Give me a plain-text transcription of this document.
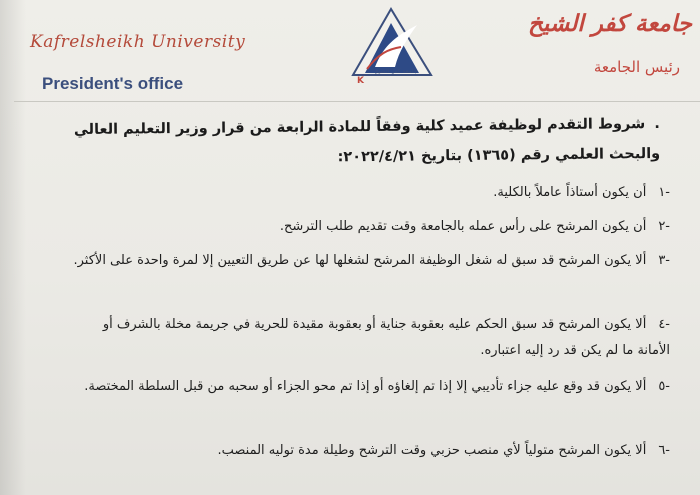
Kafrelsheikh University
President's office
جامعة كفر الشيخ
رئيس الجامعة
K
جامعة كفر الشيخ
. شروط التقدم لوظيفة عميد كلية وفقاً للمادة الرابعة من قرار وزير التعليم العالي والبحث العلمي رقم (١٣٦٥) بتاريخ ٢٠٢٢/٤/٢١:
-١أن يكون أستاذاً عاملاً بالكلية.
-٢أن يكون المرشح على رأس عمله بالجامعة وقت تقديم طلب الترشح.
-٣ألا يكون المرشح قد سبق له شغل الوظيفة المرشح لشغلها لها عن طريق التعيين إلا لمرة واحدة على الأكثر.
-٤ألا يكون المرشح قد سبق الحكم عليه بعقوبة جناية أو بعقوبة مقيدة للحرية في جريمة مخلة بالشرف أو الأمانة ما لم يكن قد رد إليه اعتباره.
-٥ألا يكون قد وقع عليه جزاء تأديبي إلا إذا تم إلغاؤه أو إذا تم محو الجزاء أو سحبه من قبل السلطة المختصة.
-٦ألا يكون المرشح متولياً لأي منصب حزبي وقت الترشح وطيلة مدة توليه المنصب.
